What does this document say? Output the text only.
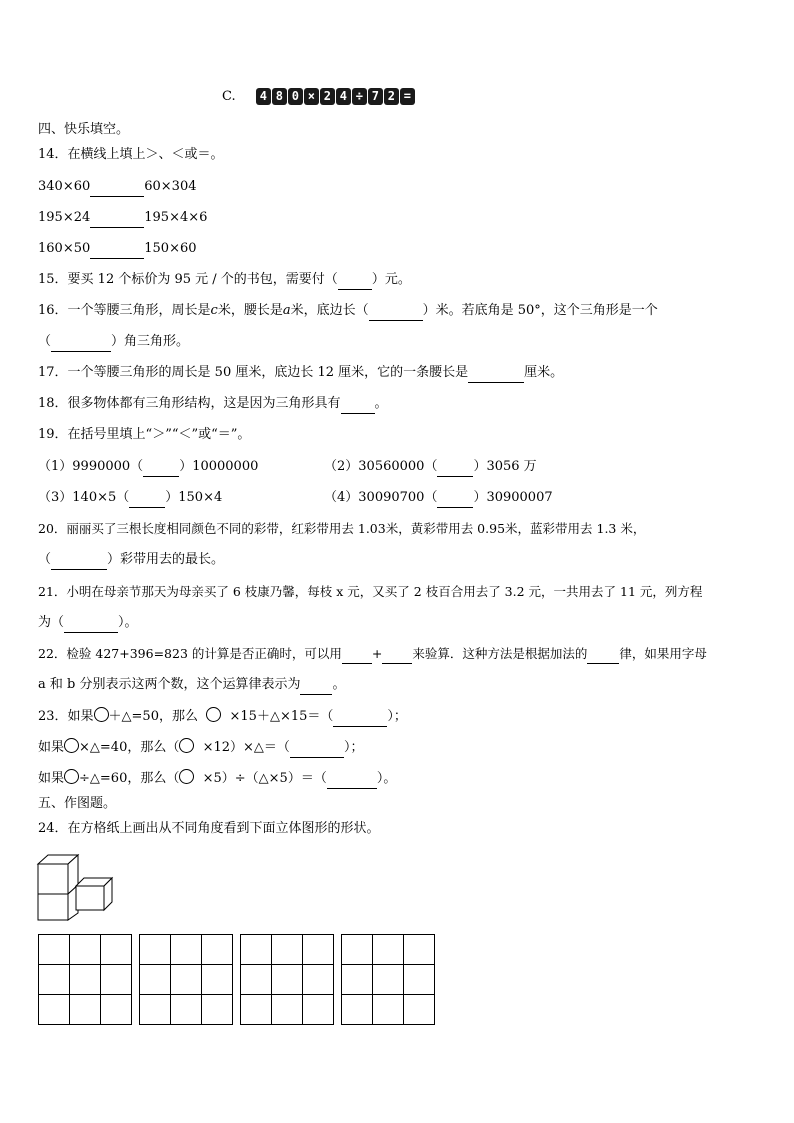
C. 4 8 0 × 2 4 ÷ 7 2 =
四、快乐填空。
14．在横线上填上＞、＜或＝。
340×60	60×304
195×24	195×4×6
160×50	150×60
15．要买 12 个标价为 95 元 / 个的书包，需要付（	）元。
16．一个等腰三角形，周长是c米，腰长是a米，底边长（	）米。若底角是 50°，这个三角形是一个
（	）角三角形。
17．一个等腰三角形的周长是 50 厘米，底边长 12 厘米，它的一条腰长是	厘米。
18．很多物体都有三角形结构，这是因为三角形具有	。
19．在括号里填上“＞”“＜”或“＝”。
（1）9990000（	）10000000	（2）30560000（	）3056 万
（3）140×5（	）150×4	（4）30090700（	）30900007
20．丽丽买了三根长度相同颜色不同的彩带，红彩带用去 1.03米，黄彩带用去 0.95米，蓝彩带用去 1.3 米，
（	）彩带用去的最长。
21．小明在母亲节那天为母亲买了 6 枝康乃馨，每枝 x 元，又买了 2 枝百合用去了 3.2 元，一共用去了 11 元，列方程
为（	）。
22．检验 427+396=823 的计算是否正确时，可以用 + 来验算．这种方法是根据加法的	律，如果用字母
a 和 b 分别表示这两个数，这个运算律表示为 。
23．如果 ＋△=50，那么 ×15＋△×15＝（	）；
如果 ×△=40，那么（ ×12）×△＝（	）；
如果 ÷△=60，那么（ ×5）÷（△×5）＝（	）。
五、作图题。
24．在方格纸上画出从不同角度看到下面立体图形的形状。
